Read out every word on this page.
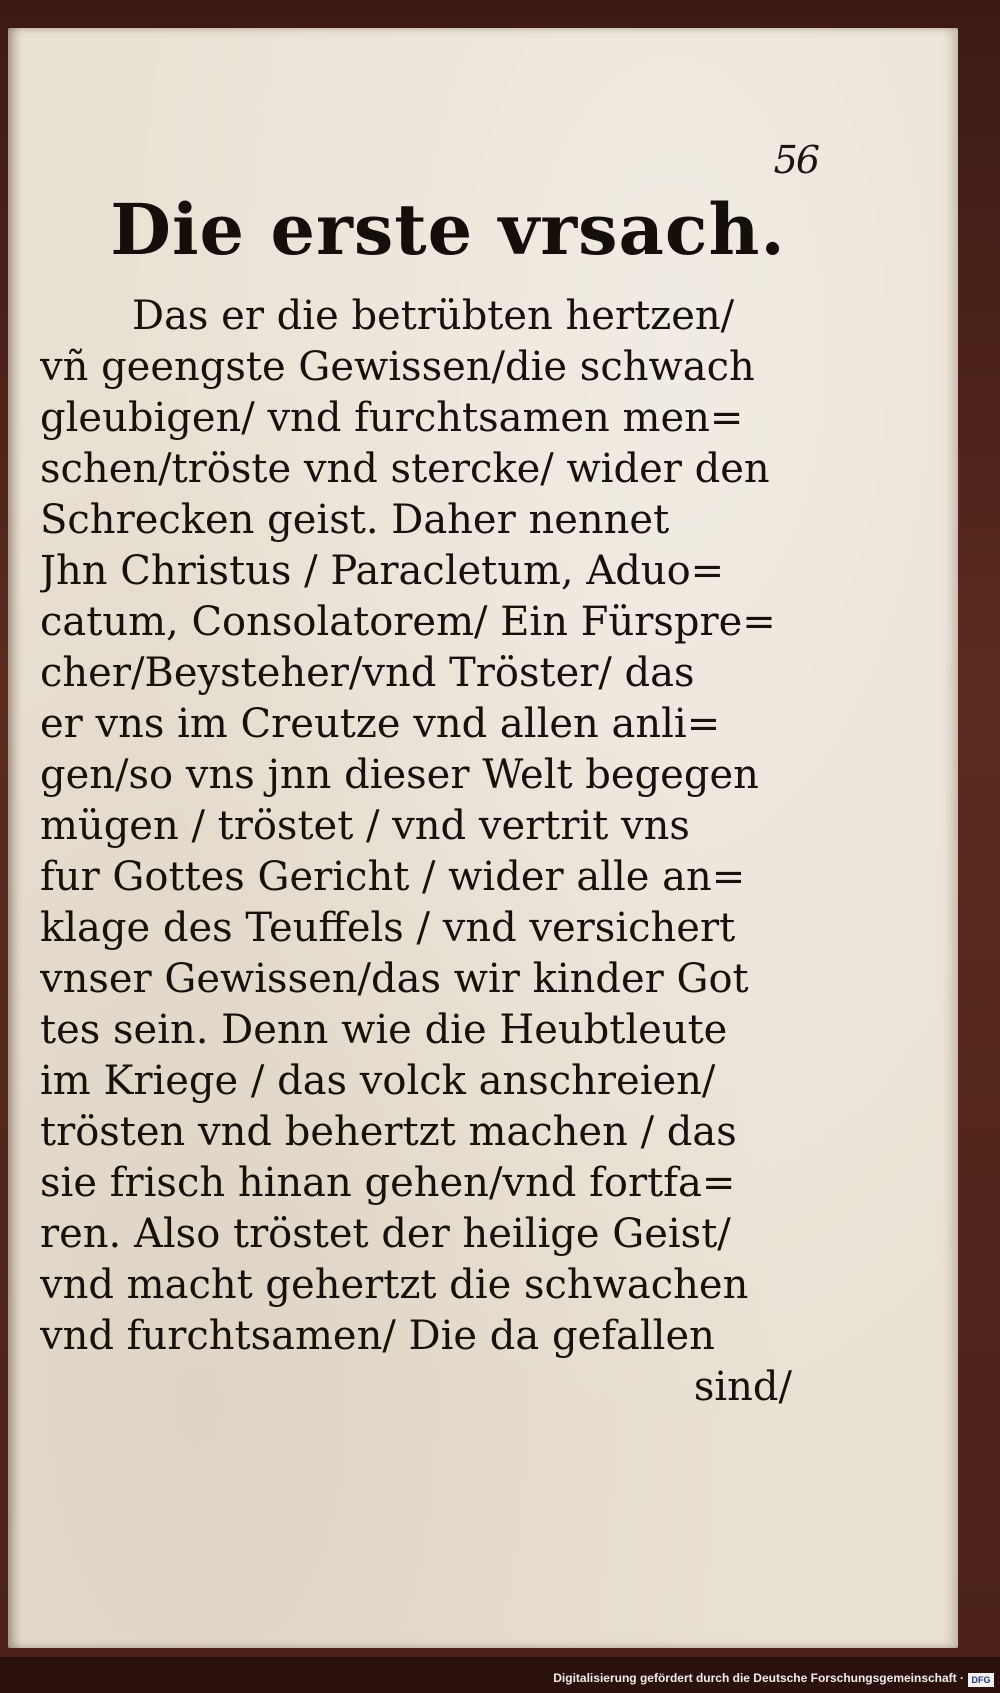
56
Die erste vrsach.
Das er die betrübten hertzen/
vñ geengste Gewissen/die schwach
gleubigen/ vnd furchtsamen men=
schen/tröste vnd stercke/ wider den
Schrecken geist. Daher nennet
Jhn Christus / Paracletum, Aduo=
catum, Consolatorem/ Ein Fürspre=
cher/Beysteher/vnd Tröster/ das
er vns im Creutze vnd allen anli=
gen/so vns jnn dieser Welt begegen
mügen / tröstet / vnd vertrit vns
fur Gottes Gericht / wider alle an=
klage des Teuffels / vnd versichert
vnser Gewissen/das wir kinder Got
tes sein. Denn wie die Heubtleute
im Kriege / das volck anschreien/
trösten vnd behertzt machen / das
sie frisch hinan gehen/vnd fortfa=
ren. Also tröstet der heilige Geist/
vnd macht gehertzt die schwachen
vnd furchtsamen/ Die da gefallen
sind/
Digitalisierung gefördert durch die Deutsche Forschungsgemeinschaft · DFG
